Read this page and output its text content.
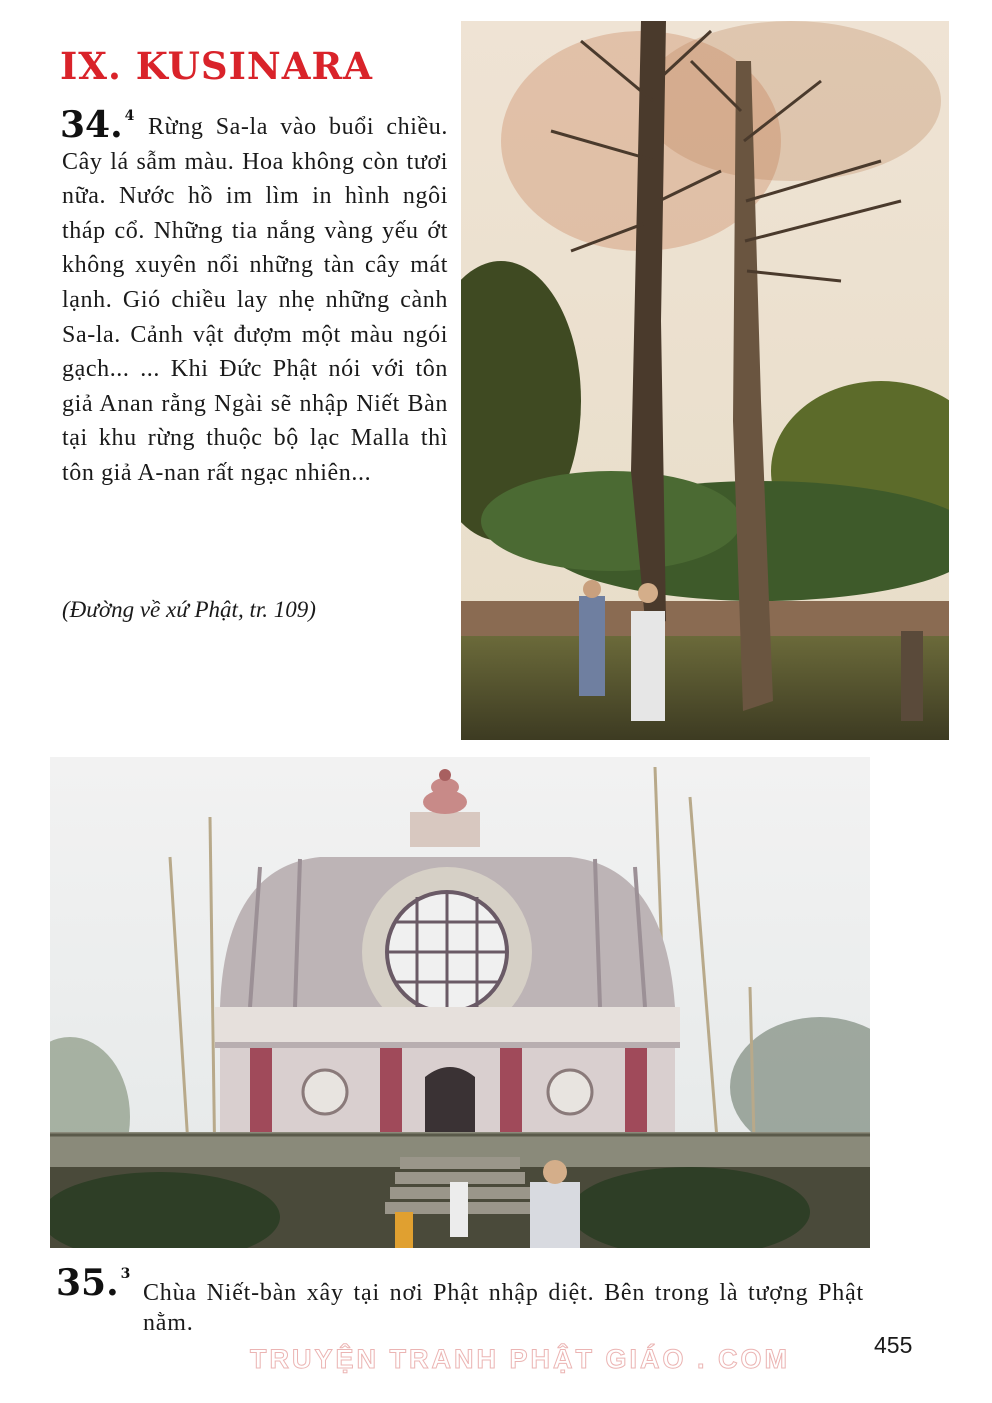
IX. KUSINARA
34. $^4$ Rừng Sa-la vào buổi chiều. Cây lá sẫm màu. Hoa không còn tươi nữa. Nước hồ im lìm in hình ngôi tháp cổ. Những tia nắng vàng yếu ớt không xuyên nổi những tàn cây mát lạnh. Gió chiều lay nhẹ những cành Sa-la. Cảnh vật đượm một màu ngói gạch... ... Khi Đức Phật nói với tôn giả Anan rằng Ngài sẽ nhập Niết Bàn tại khu rừng thuộc bộ lạc Malla thì tôn giả A-nan rất ngạc nhiên...

(Đường về xứ Phật, tr. 109)

35. $^3$

Chùa Niết-bàn xây tại nơi Phật nhập diệt. Bên trong là tượng Phật nằm.

455

TRUYỆN TRANH PHẬT GIÁO . COM
